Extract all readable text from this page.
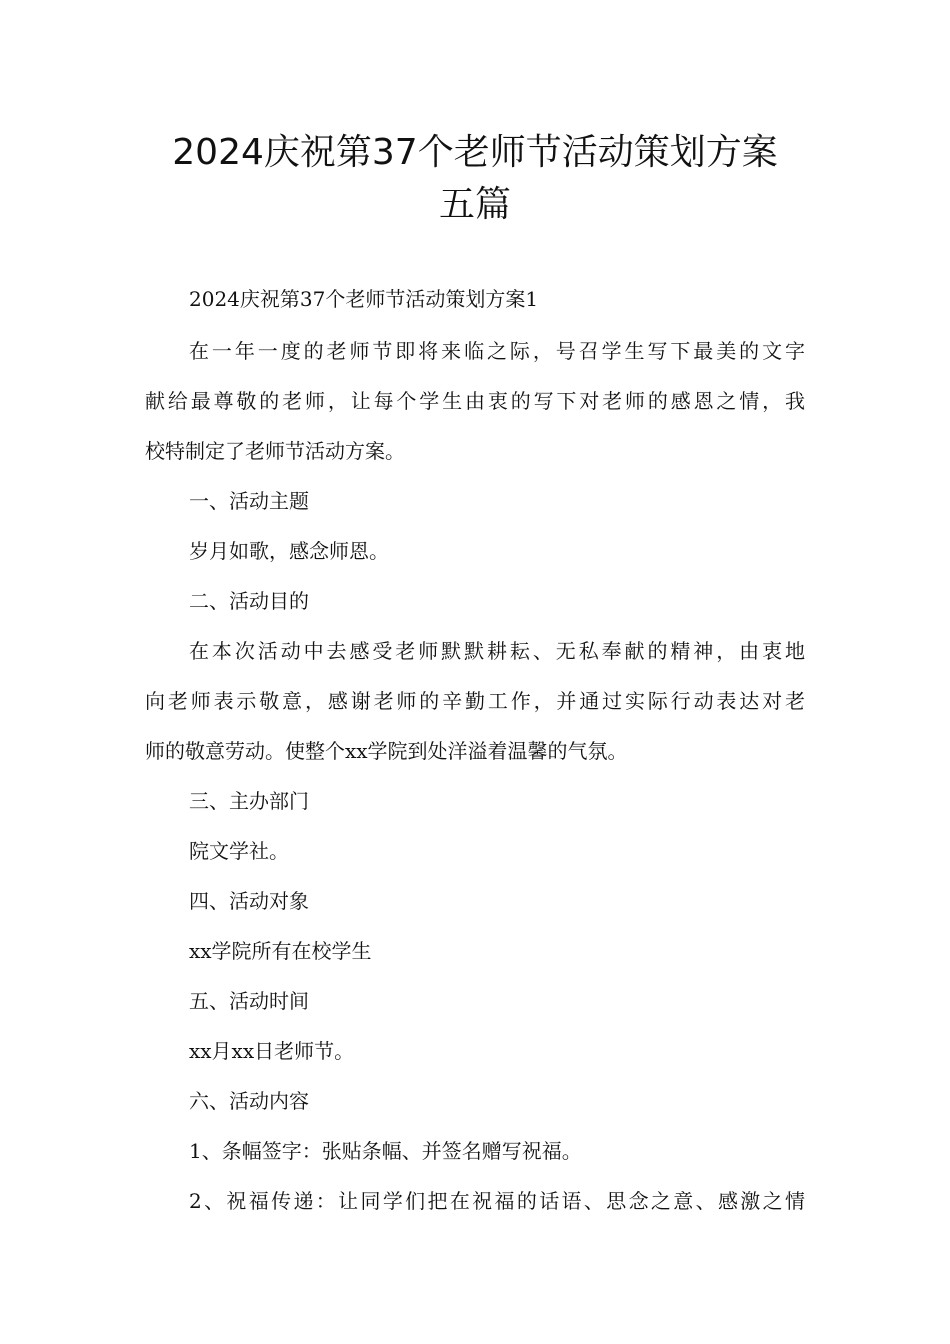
2024庆祝第37个老师节活动策划方案
五篇
2024庆祝第37个老师节活动策划方案1
在一年一度的老师节即将来临之际，号召学生写下最美的文字
献给最尊敬的老师，让每个学生由衷的写下对老师的感恩之情，我
校特制定了老师节活动方案。
一、活动主题
岁月如歌，感念师恩。
二、活动目的
在本次活动中去感受老师默默耕耘、无私奉献的精神，由衷地
向老师表示敬意，感谢老师的辛勤工作，并通过实际行动表达对老
师的敬意劳动。使整个xx学院到处洋溢着温馨的气氛。
三、主办部门
院文学社。
四、活动对象
xx学院所有在校学生
五、活动时间
xx月xx日老师节。
六、活动内容
1、条幅签字：张贴条幅、并签名赠写祝福。
2、祝福传递：让同学们把在祝福的话语、思念之意、感激之情
